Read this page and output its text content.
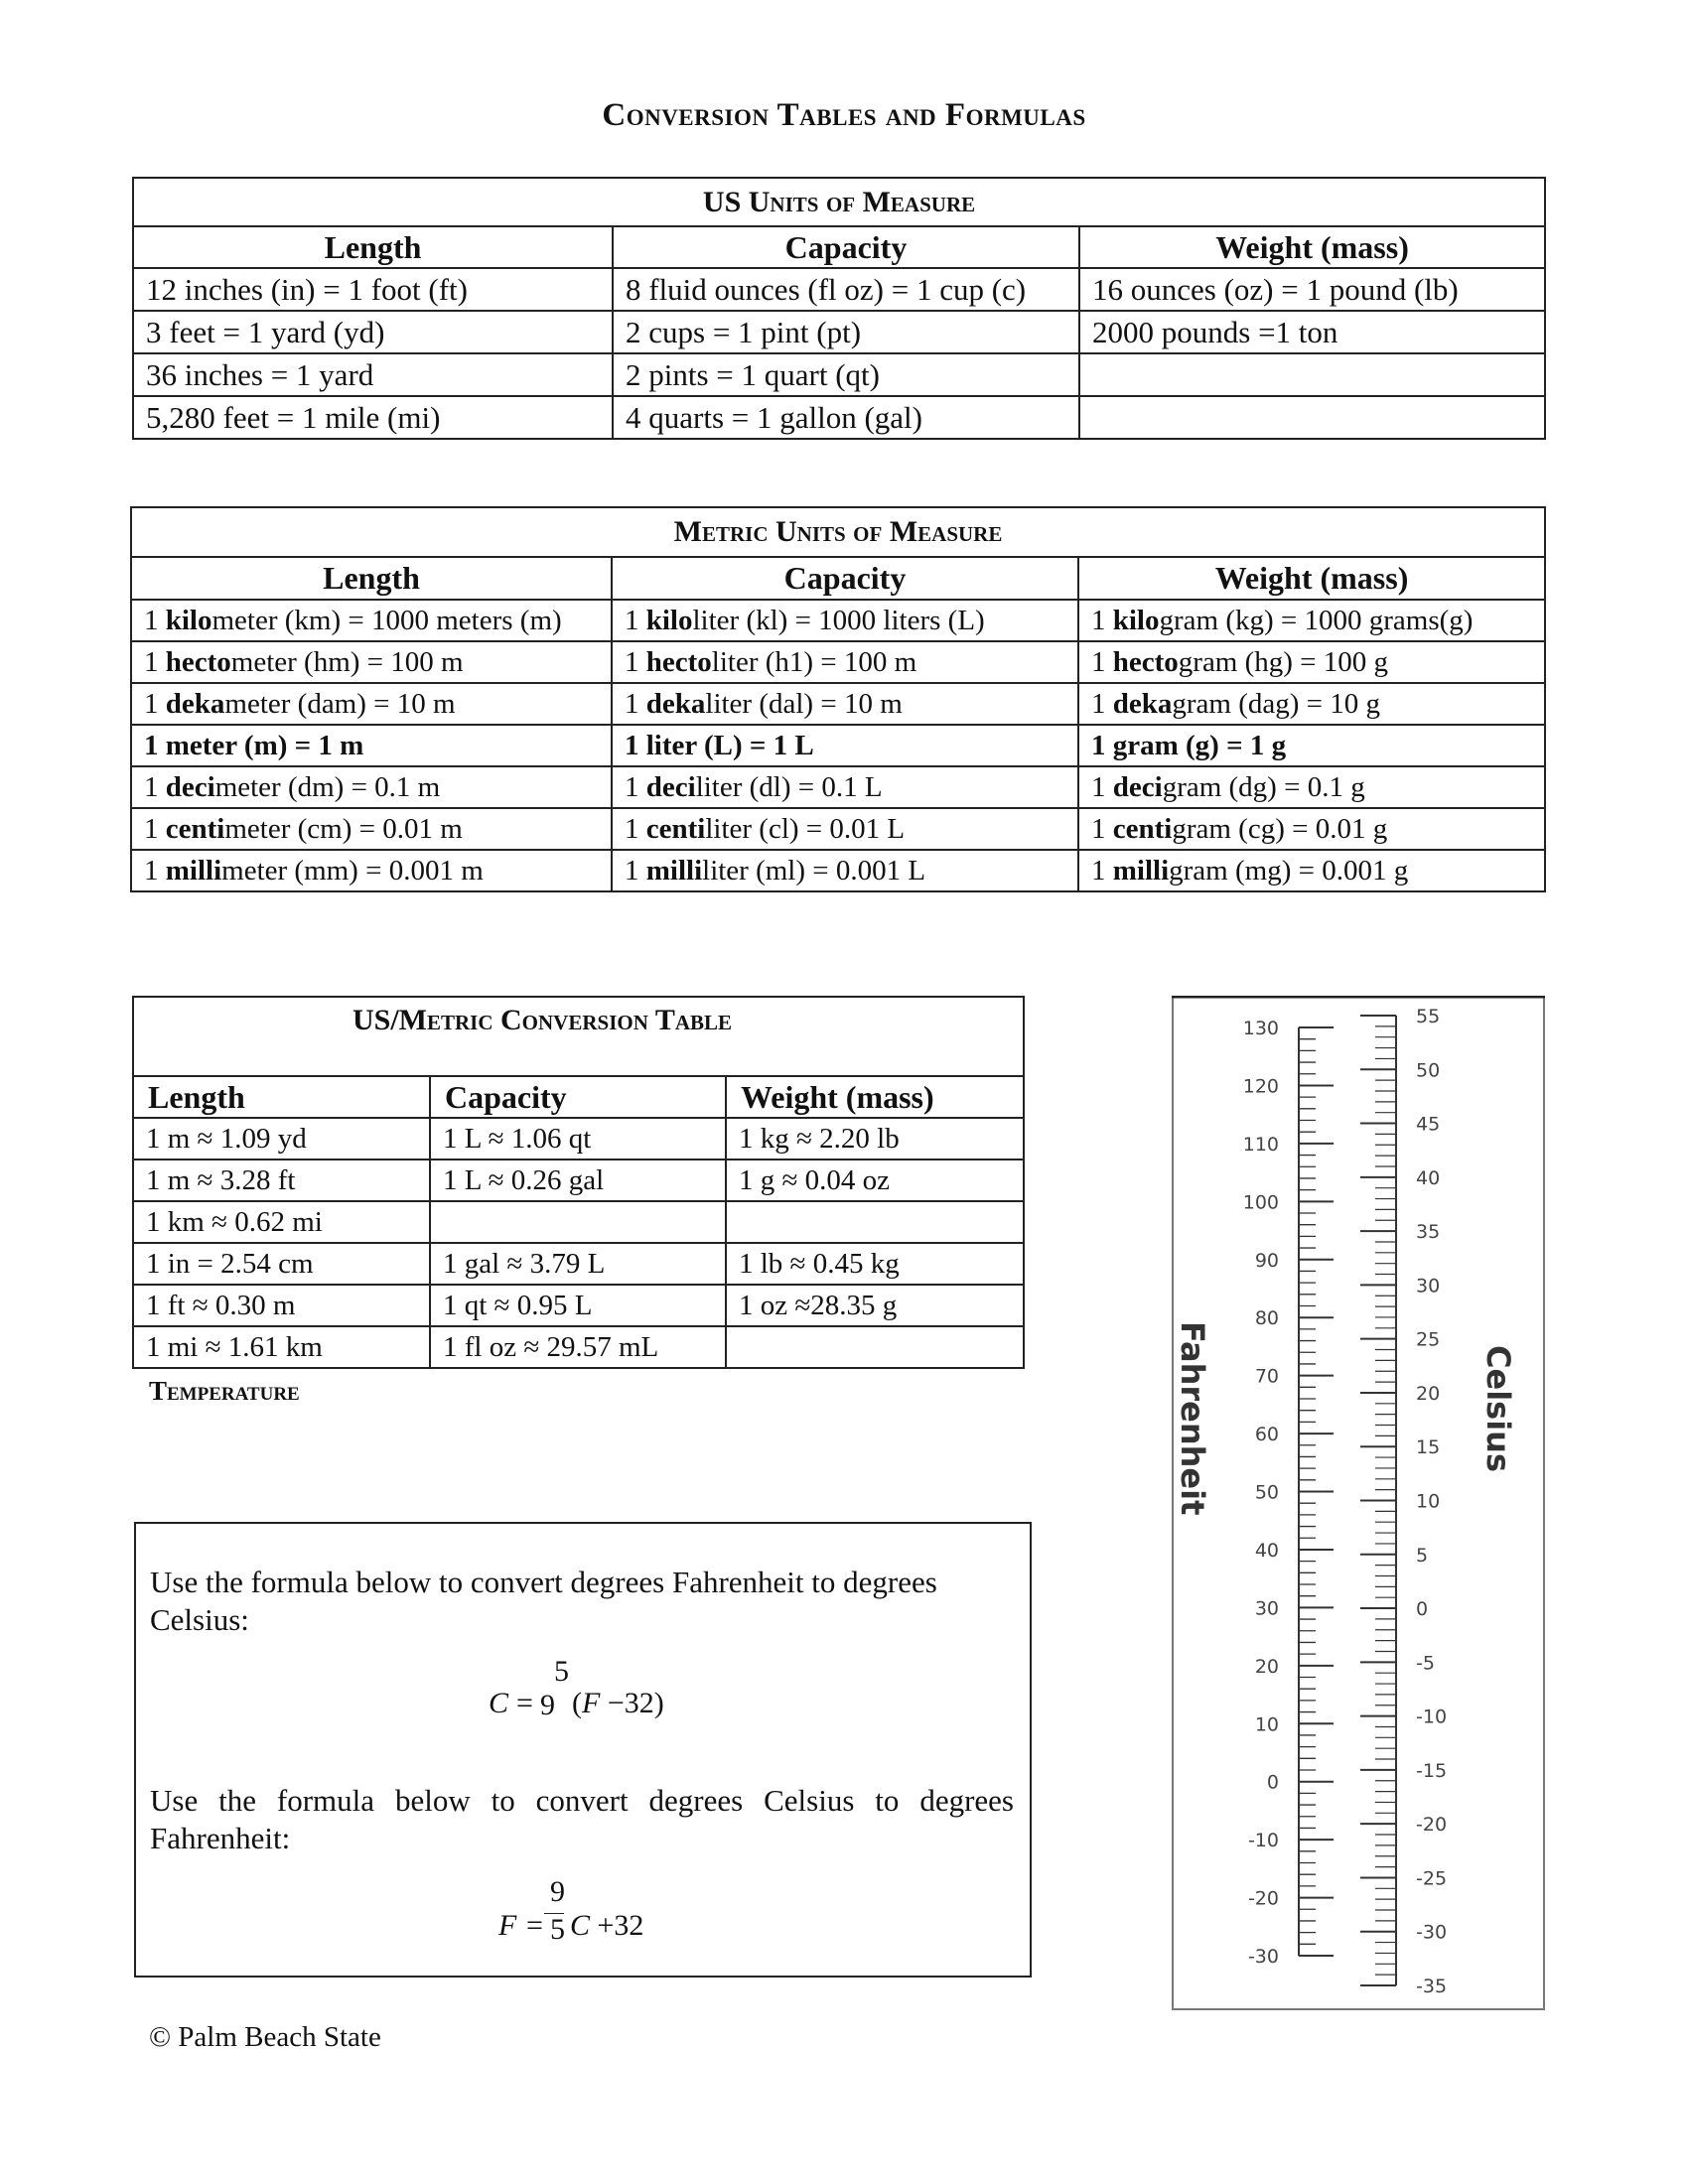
Conversion Tables and Formulas
US Units of Measure		
Length	Capacity	Weight (mass)
12 inches (in) = 1 foot (ft)	8 fluid ounces (fl oz) = 1 cup (c)	16 ounces (oz) = 1 pound (lb)
3 feet = 1 yard (yd)	2 cups = 1 pint (pt)	2000 pounds =1 ton
36 inches = 1 yard	2 pints = 1 quart (qt)	
5,280 feet = 1 mile (mi)	4 quarts = 1 gallon (gal)	
Metric Units of Measure		
Length	Capacity	Weight (mass)
1 kilometer (km) = 1000 meters (m)	1 kiloliter (kl) = 1000 liters (L)	1 kilogram (kg) = 1000 grams(g)
1 hectometer (hm) = 100 m	1 hectoliter (h1) = 100 m	1 hectogram (hg) = 100 g
1 dekameter (dam) = 10 m	1 dekaliter (dal) = 10 m	1 dekagram (dag) = 10 g
1 meter (m) = 1 m	1 liter (L) = 1 L	1 gram (g) = 1 g
1 decimeter (dm) = 0.1 m	1 deciliter (dl) = 0.1 L	1 decigram (dg) = 0.1 g
1 centimeter (cm) = 0.01 m	1 centiliter (cl) = 0.01 L	1 centigram (cg) = 0.01 g
1 millimeter (mm) = 0.001 m	1 milliliter (ml) = 0.001 L	1 milligram (mg) = 0.001 g
US/Metric Conversion Table		
Length	Capacity	Weight (mass)
1 m ≈ 1.09 yd	1 L ≈ 1.06 qt	1 kg ≈ 2.20 lb
1 m ≈ 3.28 ft	1 L ≈ 0.26 gal	1 g ≈ 0.04 oz
1 km ≈ 0.62 mi		
1 in = 2.54 cm	1 gal ≈ 3.79 L	1 lb ≈ 0.45 kg
1 ft ≈ 0.30 m	1 qt ≈ 0.95 L	1 oz ≈28.35 g
1 mi ≈ 1.61 km	1 fl oz ≈ 29.57 mL	
Temperature
Use the formula below to convert degrees Fahrenheit to degrees Celsius:
C =
5
9 (F −32)
Use the formula below to convert degrees Celsius to degrees Fahrenheit:
F =
9
5 C +32
130
120
110
100
90
80
70
60
50
40
30
20
10
0
-10
-20
-30
55
50
45
40
35
30
25
20
15
10
5
0
-5
-10
-15
-20
-25
-30
-35
Fahrenheit	Celsius
© Palm Beach State
